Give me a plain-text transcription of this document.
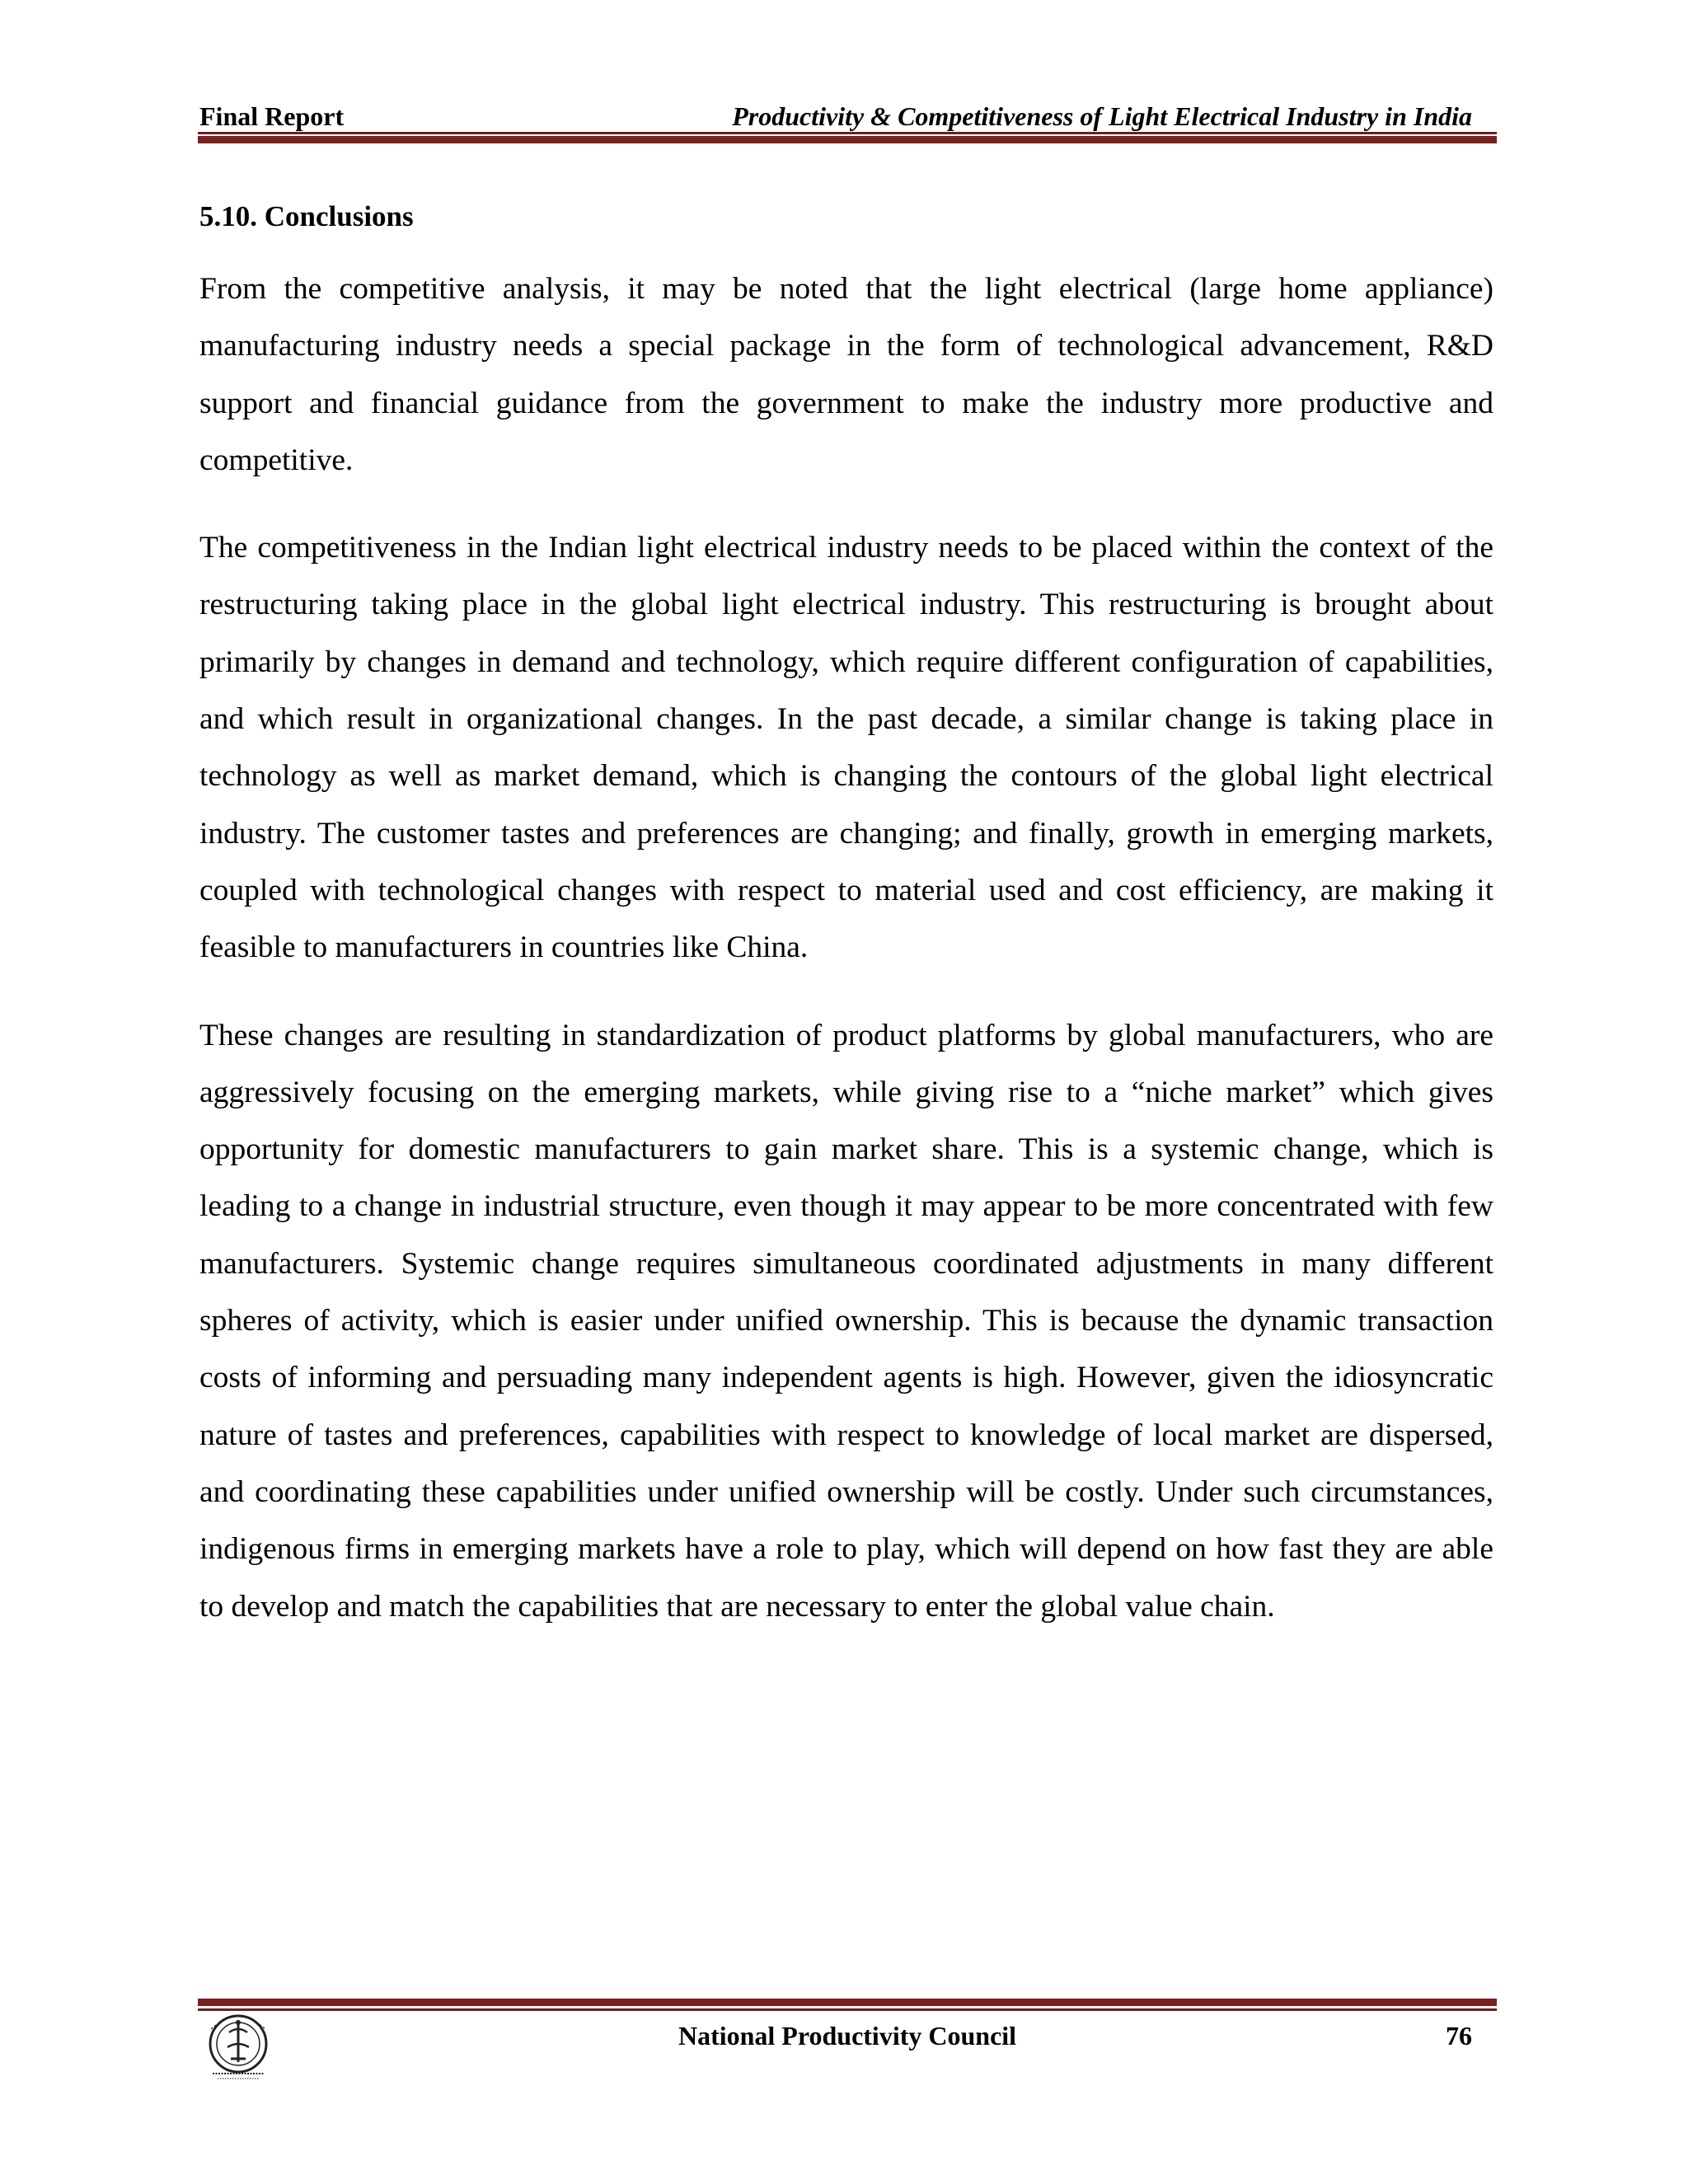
Final Report	Productivity & Competitiveness of Light Electrical Industry in India
5.10. Conclusions

From the competitive analysis, it may be noted that the light electrical (large home appliance) manufacturing industry needs a special package in the form of technological advancement, R&D support and financial guidance from the government to make the industry more productive and competitive.

The competitiveness in the Indian light electrical industry needs to be placed within the context of the restructuring taking place in the global light electrical industry. This restructuring is brought about primarily by changes in demand and technology, which require different configuration of capabilities, and which result in organizational changes. In the past decade, a similar change is taking place in technology as well as market demand, which is changing the contours of the global light electrical industry. The customer tastes and preferences are changing; and finally, growth in emerging markets, coupled with technological changes with respect to material used and cost efficiency, are making it feasible to manufacturers in countries like China.

These changes are resulting in standardization of product platforms by global manufacturers, who are aggressively focusing on the emerging markets, while giving rise to a “niche market” which gives opportunity for domestic manufacturers to gain market share. This is a systemic change, which is leading to a change in industrial structure, even though it may appear to be more concentrated with few manufacturers. Systemic change requires simultaneous coordinated adjustments in many different spheres of activity, which is easier under unified ownership. This is because the dynamic transaction costs of informing and persuading many independent agents is high. However, given the idiosyncratic nature of tastes and preferences, capabilities with respect to knowledge of local market are dispersed, and coordinating these capabilities under unified ownership will be costly. Under such circumstances, indigenous firms in emerging markets have a role to play, which will depend on how fast they are able to develop and match the capabilities that are necessary to enter the global value chain.

National Productivity Council	76
